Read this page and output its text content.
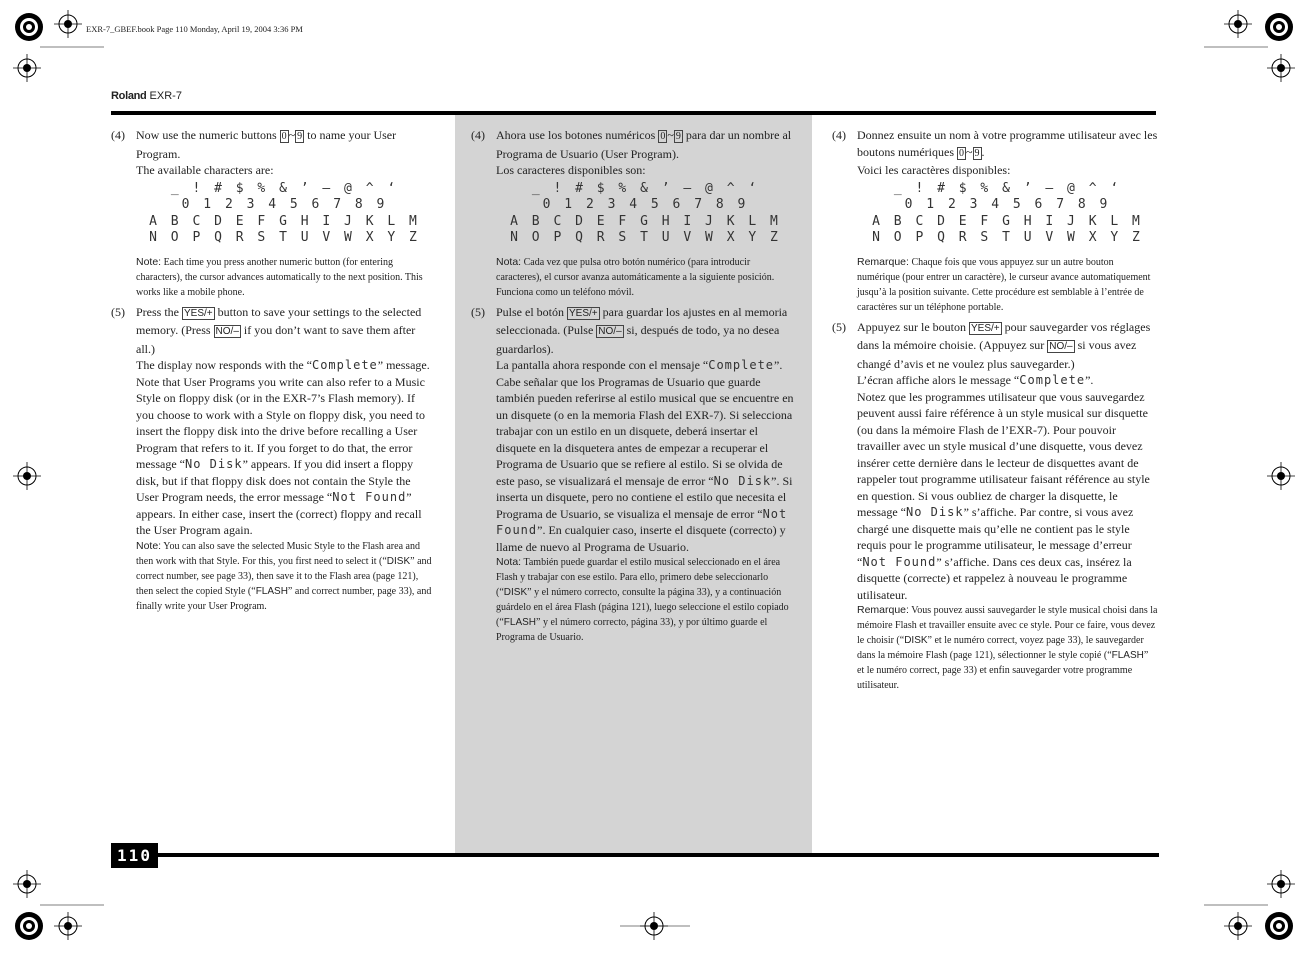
EXR-7_GBEF.book Page 110 Monday, April 19, 2004 3:36 PM
Roland EXR-7
110

(4) Now use the numeric buttons 0 ~ 9 to name your User Program.
The available characters are:

_ ! # $ % & ’ – @ ^ ‘
0 1 2 3 4 5 6 7 8 9
A B C D E F G H I J K L M
N O P Q R S T U V W X Y Z

Note: Each time you press another numeric button (for entering characters), the cursor advances automatically to the next position. This works like a mobile phone.

(5) Press the YES/+ button to save your settings to the selected memory. (Press NO/– if you don’t want to save them after all.)

The display now responds with the “Complete” message.

Note that User Programs you write can also refer to a Music Style on floppy disk (or in the EXR-7’s Flash memory). If you choose to work with a Style on floppy disk, you need to insert the floppy disk into the drive before recalling a User Program that refers to it. If you forget to do that, the error message “No Disk” appears. If you did insert a floppy disk, but if that floppy disk does not contain the Style the User Program needs, the error message “Not Found” appears. In either case, insert the (correct) floppy and recall the User Program again.

Note: You can also save the selected Music Style to the Flash area and then work with that Style. For this, you first need to select it (“DISK” and correct number, see page 33), then save it to the Flash area (page 121), then select the copied Style (“FLASH” and correct number, page 33), and finally write your User Program.

(4) Ahora use los botones numéricos 0 ~ 9 para dar un nombre al Programa de Usuario (User Program).
Los caracteres disponibles son:

_ ! # $ % & ’ – @ ^ ‘
0 1 2 3 4 5 6 7 8 9
A B C D E F G H I J K L M
N O P Q R S T U V W X Y Z

Nota: Cada vez que pulsa otro botón numérico (para introducir caracteres), el cursor avanza automáticamente a la siguiente posición. Funciona como un teléfono móvil.

(5) Pulse el botón YES/+ para guardar los ajustes en al memoria seleccionada. (Pulse NO/– si, después de todo, ya no desea guardarlos).

La pantalla ahora responde con el mensaje “Complete”.

Cabe señalar que los Programas de Usuario que guarde también pueden referirse al estilo musical que se encuentre en un disquete (o en la memoria Flash del EXR-7). Si selecciona trabajar con un estilo en un disquete, deberá insertar el disquete en la disquetera antes de empezar a recuperar el Programa de Usuario que se refiere al estilo. Si se olvida de este paso, se visualizará el mensaje de error “No Disk”. Si inserta un disquete, pero no contiene el estilo que necesita el Programa de Usuario, se visualiza el mensaje de error “Not Found”. En cualquier caso, inserte el disquete (correcto) y llame de nuevo al Programa de Usuario.

Nota: También puede guardar el estilo musical seleccionado en el área Flash y trabajar con ese estilo. Para ello, primero debe seleccionarlo (“DISK” y el número correcto, consulte la página 33), y a continuación guárdelo en el área Flash (página 121), luego seleccione el estilo copiado (“FLASH” y el número correcto, página 33), y por último guarde el Programa de Usuario.

(4) Donnez ensuite un nom à votre programme utilisateur avec les boutons numériques 0 ~ 9 .
Voici les caractères disponibles:

_ ! # $ % & ’ – @ ^ ‘
0 1 2 3 4 5 6 7 8 9
A B C D E F G H I J K L M
N O P Q R S T U V W X Y Z

Remarque: Chaque fois que vous appuyez sur un autre bouton numérique (pour entrer un caractère), le curseur avance automatiquement jusqu’à la position suivante. Cette procédure est semblable à l’entrée de caractères sur un téléphone portable.

(5) Appuyez sur le bouton YES/+ pour sauvegarder vos réglages dans la mémoire choisie. (Appuyez sur NO/– si vous avez changé d’avis et ne voulez plus sauvegarder.)

L’écran affiche alors le message “Complete”.

Notez que les programmes utilisateur que vous sauvegardez peuvent aussi faire référence à un style musical sur disquette (ou dans la mémoire Flash de l’EXR-7). Pour pouvoir travailler avec un style musical d’une disquette, vous devez insérer cette dernière dans le lecteur de disquettes avant de rappeler tout programme utilisateur faisant référence au style en question. Si vous oubliez de charger la disquette, le message “No Disk” s’affiche. Par contre, si vous avez chargé une disquette mais qu’elle ne contient pas le style requis pour le programme utilisateur, le message d’erreur “Not Found” s’affiche. Dans ces deux cas, insérez la disquette (correcte) et rappelez à nouveau le programme utilisateur.

Remarque: Vous pouvez aussi sauvegarder le style musical choisi dans la mémoire Flash et travailler ensuite avec ce style. Pour ce faire, vous devez le choisir (“DISK” et le numéro correct, voyez page 33), le sauvegarder dans la mémoire Flash (page 121), sélectionner le style copié (“FLASH” et le numéro correct, page 33) et enfin sauvegarder votre programme utilisateur.
